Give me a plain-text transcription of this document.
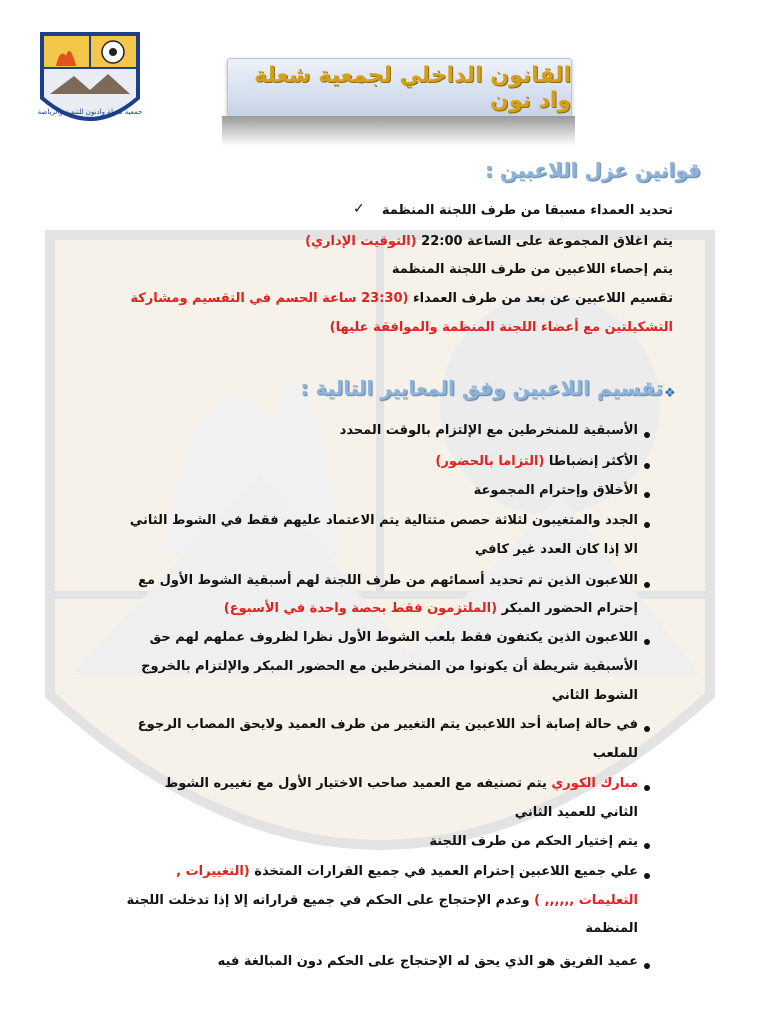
جمعية شعلة وادنون للتنمية والرياضة
القانون الداخلي لجمعية شعلة واد نون
قوانين عزل اللاعبين :
تحديد العمداء مسبقا من طرف اللجنة المنظمة
✓
يتم اغلاق المجموعة على الساعة 22:00 (التوقيت الإداري)
يتم إحصاء اللاعبين من طرف اللجنة المنظمة
تقسيم اللاعبين عن بعد من طرف العمداء (23:30 ساعة الحسم في التقسيم ومشاركة
التشكيلتين مع أعضاء اللجنة المنظمة والموافقة عليها)
تقسيم اللاعبين وفق المعايير التالية : ❖
الأسبقية للمنخرطين مع الإلتزام بالوقت المحدد
الأكثر إنضباطا (التزاما بالحضور)
الأخلاق وإحترام المجموعة
الجدد والمتغيبون لثلاثة حصص متتالية يتم الاعتماد عليهم فقط في الشوط الثاني
الا إذا كان العدد غير كافي
اللاعبون الذين تم تحديد أسمائهم من طرف اللجنة لهم أسبقية الشوط الأول مع
إحترام الحضور المبكر (الملتزمون فقط بحصة واحدة في الأسبوع)
اللاعبون الذين يكتفون فقط بلعب الشوط الأول نظرا لظروف عملهم لهم حق
الأسبقية شريطة أن يكونوا من المنخرطين مع الحضور المبكر والإلتزام بالخروج
الشوط الثاني
في حالة إصابة أحد اللاعبين يتم التغيير من طرف العميد ولايحق المصاب الرجوع
للملعب
مبارك الكوري يتم تصنيفه مع العميد صاحب الاختيار الأول مع تغييره الشوط
الثاني للعميد الثاني
يتم إختيار الحكم من طرف اللجنة
علي جميع اللاعبين إحترام العميد في جميع القرارات المتخذة (التغييرات ,
التعليمات ,,,,,, ) وعدم الإحتجاج على الحكم في جميع قراراته إلا إذا تدخلت اللجنة
المنظمة
عميد الفريق هو الذي يحق له الإحتجاج على الحكم دون المبالغة فيه
